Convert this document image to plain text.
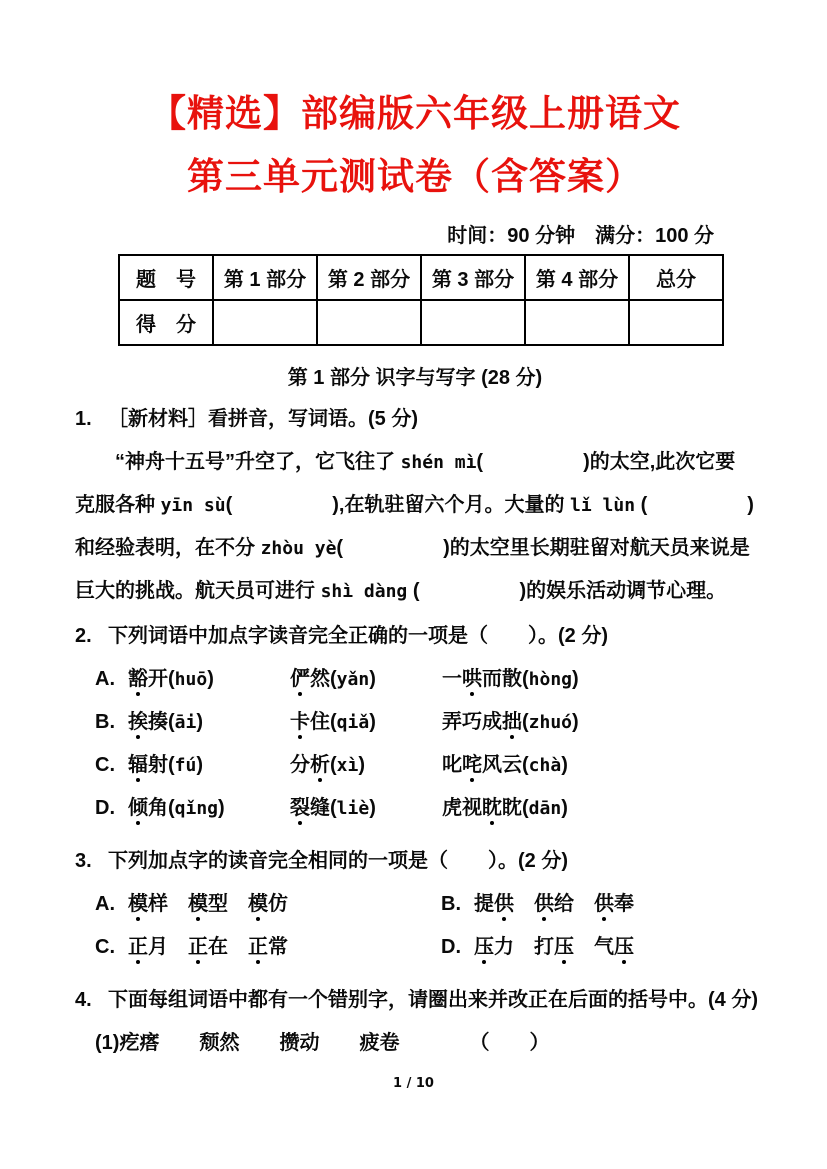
【精选】部编版六年级上册语文
第三单元测试卷（含答案）
时间：90 分钟　满分：100 分
题　号	第 1 部分	第 2 部分	第 3 部分	第 4 部分	总分
得　分					
第 1 部分 识字与写字 (28 分)
1. ［新材料］看拼音，写词语。(5 分)
　　“神舟十五号”升空了，它飞往了 shén mì(　　　　　)的太空,此次它要
克服各种 yīn sù(　　　　　),在轨驻留六个月。大量的 lǐ lùn (　　　　　)
和经验表明，在不分 zhòu yè(　　　　　)的太空里长期驻留对航天员来说是
巨大的挑战。航天员可进行 shì dàng (　　　　　)的娱乐活动调节心理。
2. 下列词语中加点字读音完全正确的一项是（　　）。(2 分)
A. 豁开(huō)	俨然(yǎn)	一哄而散(hòng)
B. 挨揍(āi)	卡住(qiǎ)	弄巧成拙(zhuó)
C. 辐射(fú)	分析(xì)	叱咤风云(chà)
D. 倾角(qǐng)	裂缝(liè)	虎视眈眈(dān)
3. 下列加点字的读音完全相同的一项是（　　）。(2 分)
A. 模样　模型　模仿	B. 提供　 供给　供奉
C. 正月　正在　正常	D. 压力　打压　气压
4. 下面每组词语中都有一个错别字，请圈出来并改正在后面的括号中。(4 分)
(1)疙瘩　　颓然　　攒动　　疲卷　　　　（　　）
1 / 10
